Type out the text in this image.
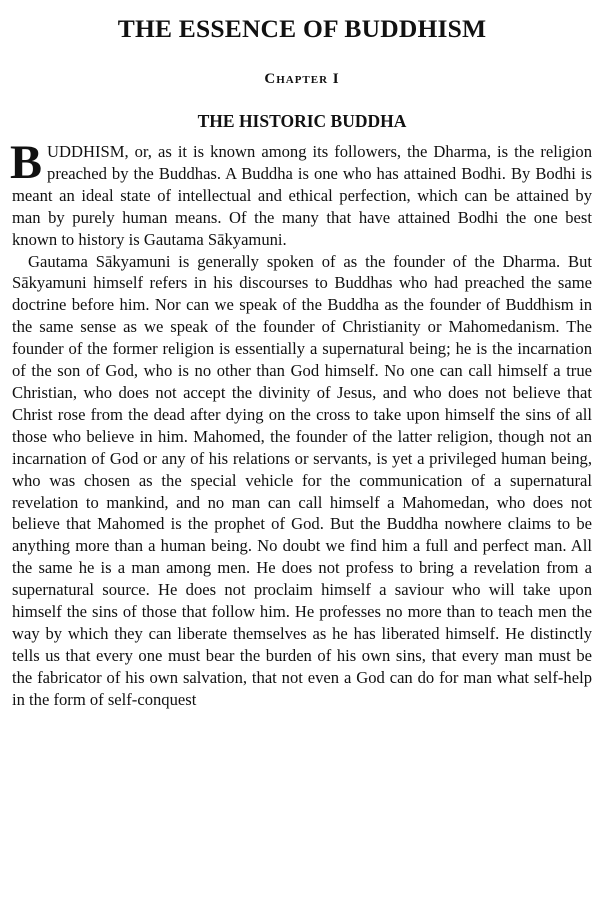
THE ESSENCE OF BUDDHISM
Chapter I
THE HISTORIC BUDDHA

BUDDHISM, or, as it is known among its followers, the Dharma, is the religion preached by the Buddhas. A Buddha is one who has attained Bodhi. By Bodhi is meant an ideal state of intellectual and ethical perfection, which can be attained by man by purely human means. Of the many that have attained Bodhi the one best known to history is Gautama Sākyamuni.

Gautama Sākyamuni is generally spoken of as the founder of the Dharma. But Sākyamuni himself refers in his discourses to Buddhas who had preached the same doctrine before him. Nor can we speak of the Buddha as the founder of Buddhism in the same sense as we speak of the founder of Christianity or Mahomedanism. The founder of the former religion is essentially a supernatural being; he is the incarnation of the son of God, who is no other than God himself. No one can call himself a true Christian, who does not accept the divinity of Jesus, and who does not believe that Christ rose from the dead after dying on the cross to take upon himself the sins of all those who believe in him. Mahomed, the founder of the latter religion, though not an incarnation of God or any of his relations or servants, is yet a privileged human being, who was chosen as the special vehicle for the communication of a supernatural revelation to mankind, and no man can call himself a Mahomedan, who does not believe that Mahomed is the prophet of God. But the Buddha nowhere claims to be anything more than a human being. No doubt we find him a full and perfect man. All the same he is a man among men. He does not profess to bring a revelation from a supernatural source. He does not proclaim himself a saviour who will take upon himself the sins of those that follow him. He professes no more than to teach men the way by which they can liberate themselves as he has liberated himself. He distinctly tells us that every one must bear the burden of his own sins, that every man must be the fabricator of his own salvation, that not even a God can do for man what self-help in the form of self-conquest
